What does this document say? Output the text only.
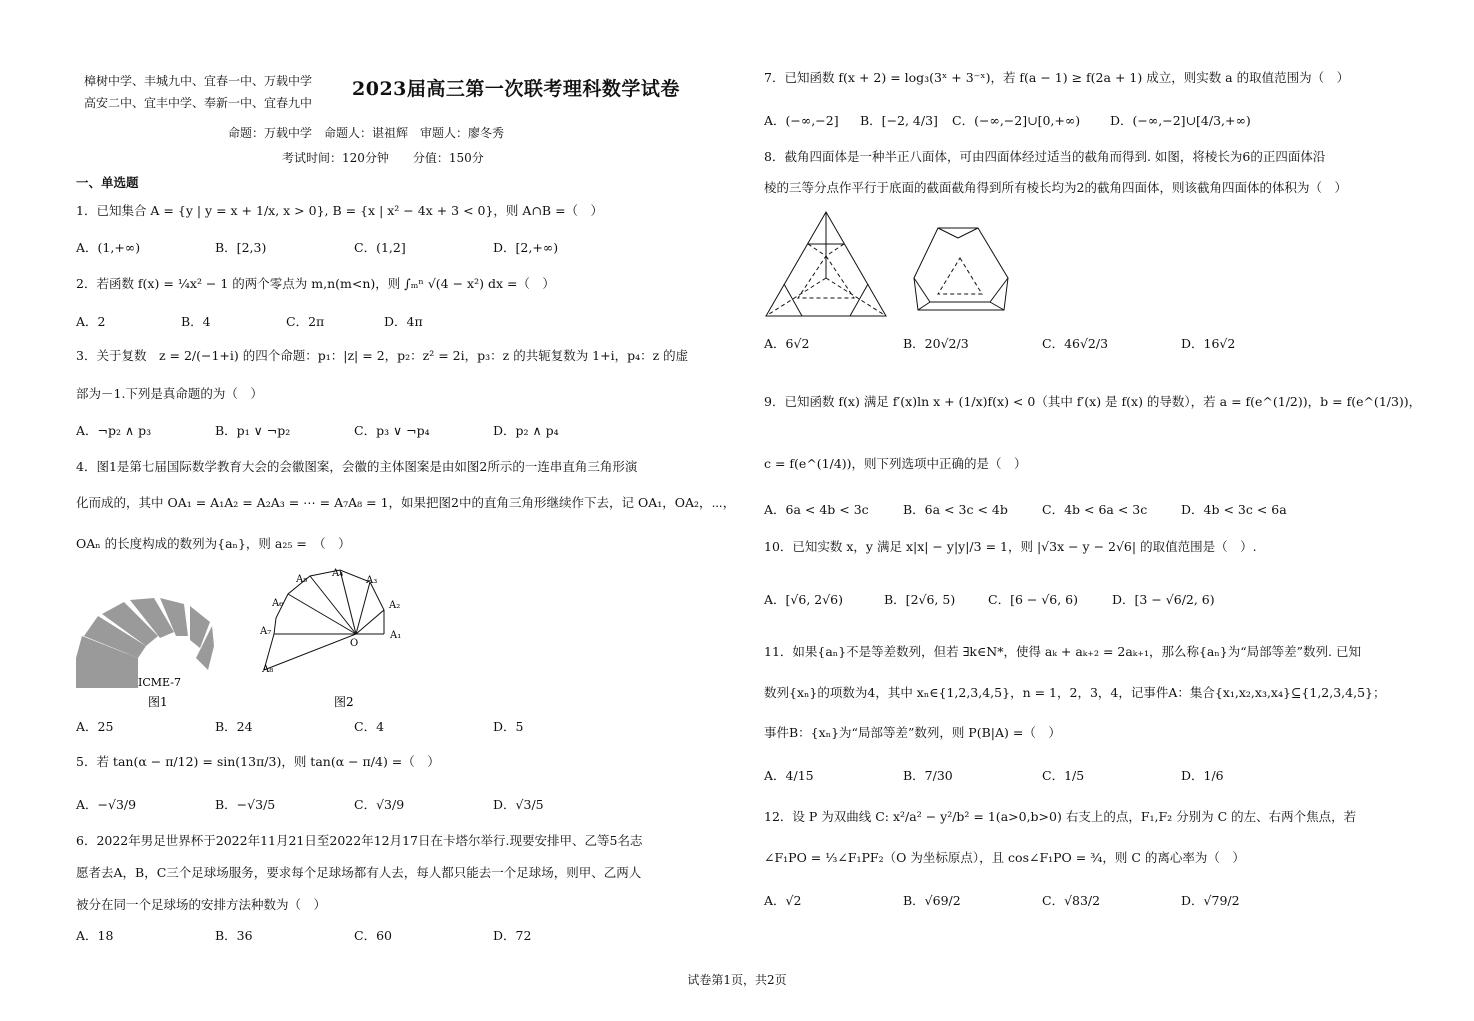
樟树中学、丰城九中、宜春一中、万载中学
高安二中、宜丰中学、奉新一中、宜春九中
2023届高三第一次联考理科数学试卷
命题：万载中学　命题人：谌祖辉　审题人：廖冬秀
考试时间：120分钟　　分值：150分
一、单选题
1．已知集合 A = {y | y = x + 1/x, x > 0}, B = {x | x² − 4x + 3 < 0}，则 A∩B =（　）
A．(1,+∞)	B．[2,3)	C．(1,2]	D．[2,+∞)
2．若函数 f(x) = ¼x² − 1 的两个零点为 m,n(m<n)，则 ∫ₘⁿ √(4 − x²) dx =（　）
A．2	B．4	C．2π	D．4π
3．关于复数　z = 2/(−1+i) 的四个命题：p₁：|z| = 2，p₂：z² = 2i，p₃：z 的共轭复数为 1+i，p₄：z 的虚
部为－1.下列是真命题的为（　）
A．¬p₂ ∧ p₃	B．p₁ ∨ ¬p₂	C．p₃ ∨ ¬p₄	D．p₂ ∧ p₄
4．图1是第七届国际数学教育大会的会徽图案，会徽的主体图案是由如图2所示的一连串直角三角形演
化而成的，其中 OA₁ = A₁A₂ = A₂A₃ = ⋯ = A₇A₈ = 1，如果把图2中的直角三角形继续作下去，记 OA₁，OA₂，⋯，
OAₙ 的长度构成的数列为{aₙ}，则 a₂₅ =　（　）
ICME-7
图1
A₁
A₂
A₃
A₄
A₅
A₆
A₇
A₈
O
图2
A．25	B．24	C．4	D．5
5．若 tan(α − π/12) = sin(13π/3)，则 tan(α − π/4) =（　）
A．−√3/9	B．−√3/5	C．√3/9	D．√3/5
6．2022年男足世界杯于2022年11月21日至2022年12月17日在卡塔尔举行.现要安排甲、乙等5名志
愿者去A，B，C三个足球场服务，要求每个足球场都有人去，每人都只能去一个足球场，则甲、乙两人
被分在同一个足球场的安排方法种数为（　）
7．已知函数 f(x + 2) = log₃(3ˣ + 3⁻ˣ)，若 f(a − 1) ≥ f(2a + 1) 成立，则实数 a 的取值范围为（　）
A．(−∞,−2]	B．[−2, 4/3]	C．(−∞,−2]∪[0,+∞)	D．(−∞,−2]∪[4/3,+∞)
8．截角四面体是一种半正八面体，可由四面体经过适当的截角而得到. 如图，将棱长为6的正四面体沿
棱的三等分点作平行于底面的截面截角得到所有棱长均为2的截角四面体，则该截角四面体的体积为（　）
A．6√2	B．20√2/3	C．46√2/3	D．16√2
9．已知函数 f(x) 满足 f′(x)ln x + (1/x)f(x) < 0（其中 f′(x) 是 f(x) 的导数），若 a = f(e^(1/2))，b = f(e^(1/3))，
c = f(e^(1/4))，则下列选项中正确的是（　）
A．6a < 4b < 3c	B．6a < 3c < 4b	C．4b < 6a < 3c	D．4b < 3c < 6a
10．已知实数 x，y 满足 x|x| − y|y|/3 = 1，则 |√3x − y − 2√6| 的取值范围是（　）.
A．[√6, 2√6)	B．[2√6, 5)	C．[6 − √6, 6)	D．[3 − √6/2, 6)
11．如果{aₙ}不是等差数列，但若 ∃k∈N*，使得 aₖ + aₖ₊₂ = 2aₖ₊₁，那么称{aₙ}为“局部等差”数列. 已知
数列{xₙ}的项数为4，其中 xₙ∈{1,2,3,4,5}，n = 1，2，3，4，记事件A：集合{x₁,x₂,x₃,x₄}⊆{1,2,3,4,5}；
事件B：{xₙ}为“局部等差”数列，则 P(B|A) =（　）
A．4/15	B．7/30	C．1/5	D．1/6
12．设 P 为双曲线 C: x²/a² − y²/b² = 1(a>0,b>0) 右支上的点，F₁,F₂ 分别为 C 的左、右两个焦点，若
∠F₁PO = ⅓∠F₁PF₂（O 为坐标原点），且 cos∠F₁PO = ¾，则 C 的离心率为（　）
A．√2	B．√69/2	C．√83/2	D．√79/2
A．18	B．36	C．60	D．72
试卷第1页，共2页
